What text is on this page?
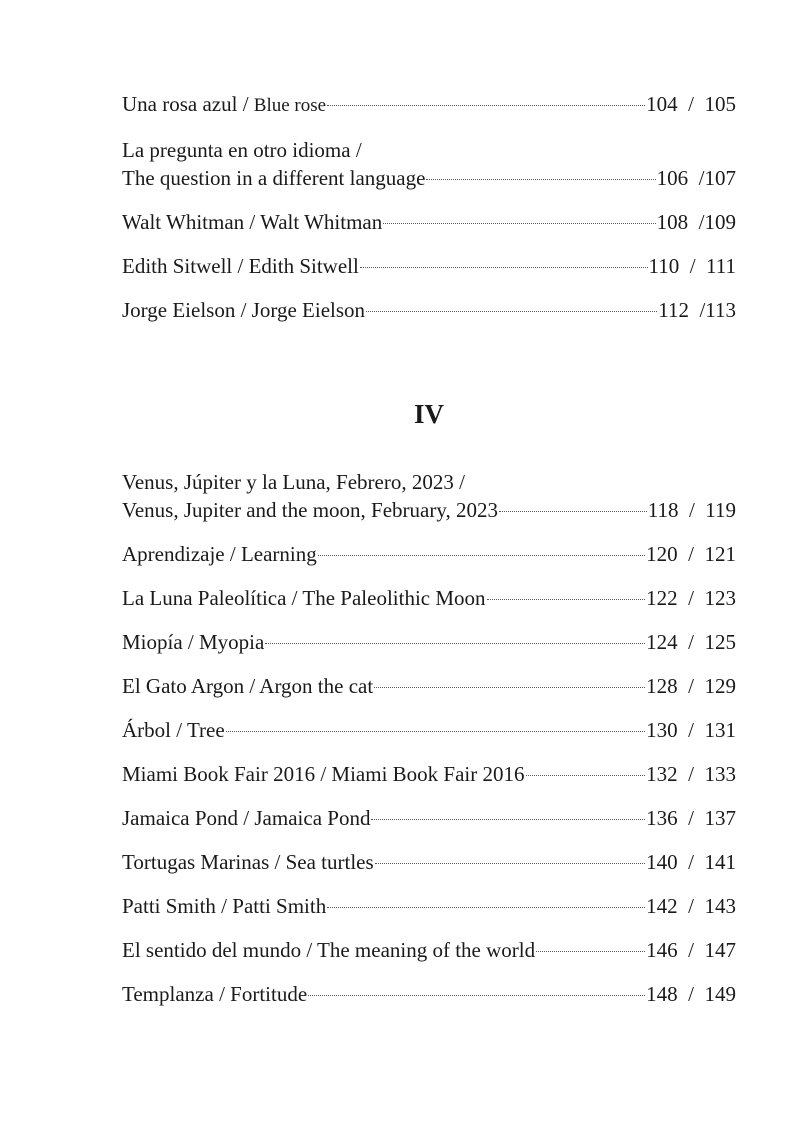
Una rosa azul / Blue rose	104  /  105
La pregunta en otro idioma /
The question in a different language	106  /107
Walt Whitman / Walt Whitman	108  /109
Edith Sitwell / Edith Sitwell	110  /  111
Jorge Eielson / Jorge Eielson	112  /113
IV
Venus, Júpiter y la Luna, Febrero, 2023 /
Venus, Jupiter and the moon, February, 2023	118  /  119
Aprendizaje / Learning	120  /  121
La Luna Paleolítica / The Paleolithic Moon	122  /  123
Miopía / Myopia	124  /  125
El Gato Argon / Argon the cat	128  /  129
Árbol / Tree	130  /  131
Miami Book Fair 2016 / Miami Book Fair 2016	132  /  133
Jamaica Pond / Jamaica Pond	136  /  137
Tortugas Marinas / Sea turtles	140  /  141
Patti Smith / Patti Smith	142  /  143
El sentido del mundo / The meaning of the world	146  /  147
Templanza / Fortitude	148  /  149
